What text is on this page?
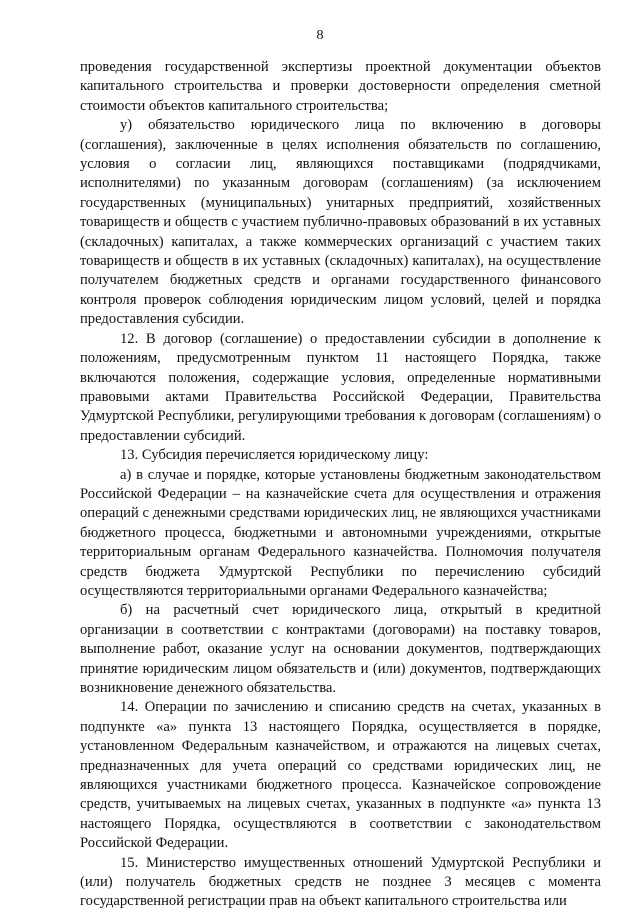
8

проведения государственной экспертизы проектной документации объектов капитального строительства и проверки достоверности определения сметной стоимости объектов капитального строительства;

у) обязательство юридического лица по включению в договоры (соглашения), заключенные в целях исполнения обязательств по соглашению, условия о согласии лиц, являющихся поставщиками (подрядчиками, исполнителями) по указанным договорам (соглашениям) (за исключением государственных (муниципальных) унитарных предприятий, хозяйственных товариществ и обществ с участием публично-правовых образований в их уставных (складочных) капиталах, а также коммерческих организаций с участием таких товариществ и обществ в их уставных (складочных) капиталах), на осуществление получателем бюджетных средств и органами государственного финансового контроля проверок соблюдения юридическим лицом условий, целей и порядка предоставления субсидии.

12. В договор (соглашение) о предоставлении субсидии в дополнение к положениям, предусмотренным пунктом 11 настоящего Порядка, также включаются положения, содержащие условия, определенные нормативными правовыми актами Правительства Российской Федерации, Правительства Удмуртской Республики, регулирующими требования к договорам (соглашениям) о предоставлении субсидий.

13. Субсидия перечисляется юридическому лицу:

а) в случае и порядке, которые установлены бюджетным законодательством Российской Федерации – на казначейские счета для осуществления и отражения операций с денежными средствами юридических лиц, не являющихся участниками бюджетного процесса, бюджетными и автономными учреждениями, открытые территориальным органам Федерального казначейства. Полномочия получателя средств бюджета Удмуртской Республики по перечислению субсидий осуществляются территориальными органами Федерального казначейства;

б) на расчетный счет юридического лица, открытый в кредитной организации в соответствии с контрактами (договорами) на поставку товаров, выполнение работ, оказание услуг на основании документов, подтверждающих принятие юридическим лицом обязательств и (или) документов, подтверждающих возникновение денежного обязательства.

14. Операции по зачислению и списанию средств на счетах, указанных в подпункте «а» пункта 13 настоящего Порядка, осуществляется в порядке, установленном Федеральным казначейством, и отражаются на лицевых счетах, предназначенных для учета операций со средствами юридических лиц, не являющихся участниками бюджетного процесса. Казначейское сопровождение средств, учитываемых на лицевых счетах, указанных в подпункте «а» пункта 13 настоящего Порядка, осуществляются в соответствии с законодательством Российской Федерации.

15. Министерство имущественных отношений Удмуртской Республики и (или) получатель бюджетных средств не позднее 3 месяцев с момента государственной регистрации прав на объект капитального строительства или
